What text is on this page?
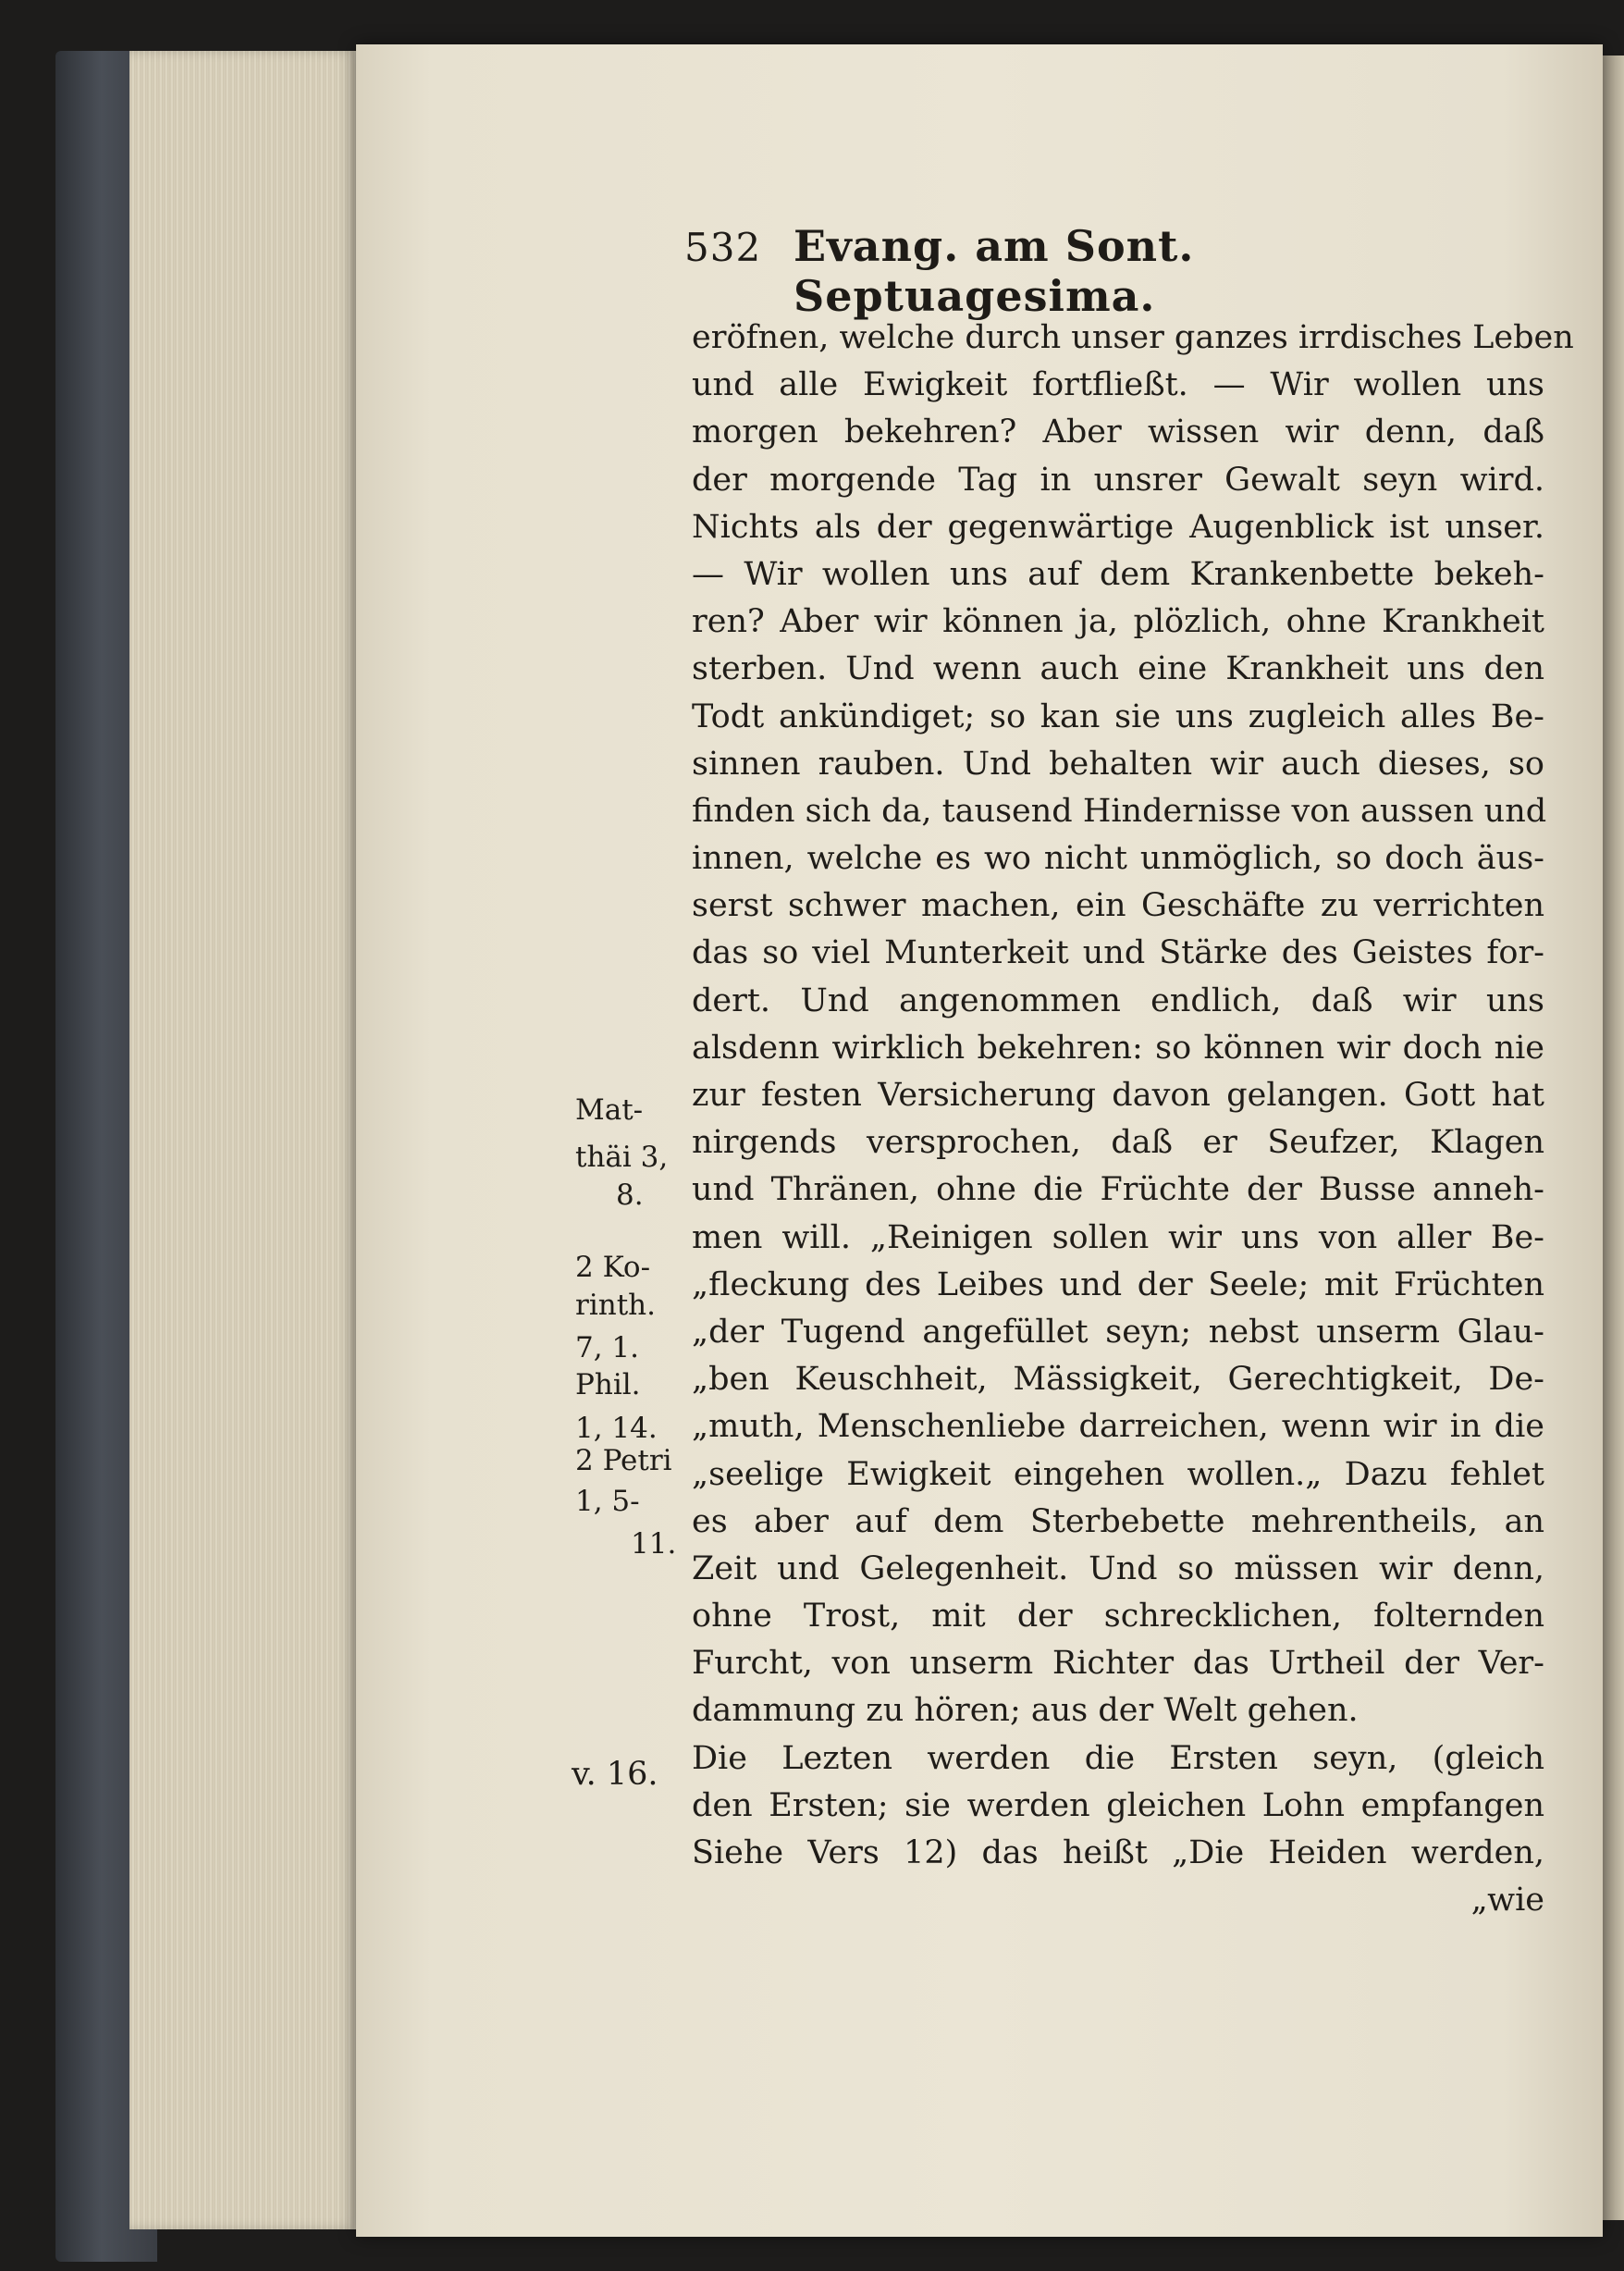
532 Evang. am Sont. Septuagesima.
eröfnen, welche durch unser ganzes irrdisches Leben
und alle Ewigkeit fortfließt. — Wir wollen uns
morgen bekehren? Aber wissen wir denn, daß
der morgende Tag in unsrer Gewalt seyn wird.
Nichts als der gegenwärtige Augenblick ist unser.
— Wir wollen uns auf dem Krankenbette bekeh-
ren? Aber wir können ja, plözlich, ohne Krankheit
sterben. Und wenn auch eine Krankheit uns den
Todt ankündiget; so kan sie uns zugleich alles Be-
sinnen rauben. Und behalten wir auch dieses, so
finden sich da, tausend Hindernisse von aussen und
innen, welche es wo nicht unmöglich, so doch äus-
serst schwer machen, ein Geschäfte zu verrichten
das so viel Munterkeit und Stärke des Geistes for-
dert. Und angenommen endlich, daß wir uns
alsdenn wirklich bekehren: so können wir doch nie
zur festen Versicherung davon gelangen. Gott hat
nirgends versprochen, daß er Seufzer, Klagen
und Thränen, ohne die Früchte der Busse anneh-
men will. „Reinigen sollen wir uns von aller Be-
„fleckung des Leibes und der Seele; mit Früchten
„der Tugend angefüllet seyn; nebst unserm Glau-
„ben Keuschheit, Mässigkeit, Gerechtigkeit, De-
„muth, Menschenliebe darreichen, wenn wir in die
„seelige Ewigkeit eingehen wollen.„ Dazu fehlet
es aber auf dem Sterbebette mehrentheils, an
Zeit und Gelegenheit. Und so müssen wir denn,
ohne Trost, mit der schrecklichen, folternden
Furcht, von unserm Richter das Urtheil der Ver-
dammung zu hören; aus der Welt gehen.
Die Lezten werden die Ersten seyn, (gleich
den Ersten; sie werden gleichen Lohn empfangen
Siehe Vers 12) das heißt „Die Heiden werden,
„wie
Mat-
thäi 3,
8.
2 Ko-
rinth.
7, 1.
Phil.
1, 14.
2 Petri
1, 5-
11.
v. 16.
